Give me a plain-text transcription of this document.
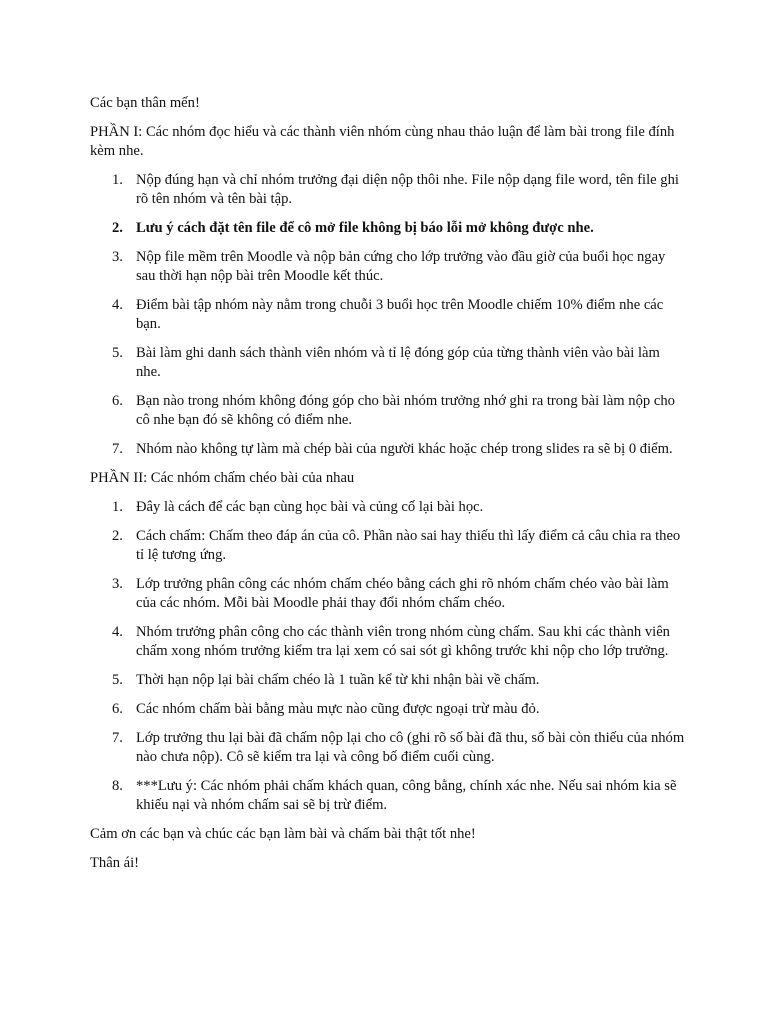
Các bạn thân mến!

PHẦN I: Các nhóm đọc hiểu và các thành viên nhóm cùng nhau thảo luận để làm bài trong file đính kèm nhe.

1. Nộp đúng hạn và chỉ nhóm trưởng đại diện nộp thôi nhe. File nộp dạng file word, tên file ghi rõ tên nhóm và tên bài tập.
2. Lưu ý cách đặt tên file để cô mở file không bị báo lỗi mở không được nhe.
3. Nộp file mềm trên Moodle và nộp bản cứng cho lớp trưởng vào đầu giờ của buổi học ngay sau thời hạn nộp bài trên Moodle kết thúc.
4. Điểm bài tập nhóm này nằm trong chuỗi 3 buổi học trên Moodle chiếm 10% điểm nhe các bạn.
5. Bài làm ghi danh sách thành viên nhóm và tỉ lệ đóng góp của từng thành viên vào bài làm nhe.
6. Bạn nào trong nhóm không đóng góp cho bài nhóm trưởng nhớ ghi ra trong bài làm nộp cho cô nhe bạn đó sẽ không có điểm nhe.
7. Nhóm nào không tự làm mà chép bài của người khác hoặc chép trong slides ra sẽ bị 0 điểm.

PHẦN II: Các nhóm chấm chéo bài của nhau

1. Đây là cách để các bạn cùng học bài và củng cố lại bài học.
2. Cách chấm: Chấm theo đáp án của cô. Phần nào sai hay thiếu thì lấy điểm cả câu chia ra theo tỉ lệ tương ứng.
3. Lớp trưởng phân công các nhóm chấm chéo bằng cách ghi rõ nhóm chấm chéo vào bài làm của các nhóm. Mỗi bài Moodle phải thay đổi nhóm chấm chéo.
4. Nhóm trưởng phân công cho các thành viên trong nhóm cùng chấm. Sau khi các thành viên chấm xong nhóm trưởng kiểm tra lại xem có sai sót gì không trước khi nộp cho lớp trưởng.
5. Thời hạn nộp lại bài chấm chéo là 1 tuần kể từ khi nhận bài về chấm.
6. Các nhóm chấm bài bằng màu mực nào cũng được ngoại trừ màu đỏ.
7. Lớp trưởng thu lại bài đã chấm nộp lại cho cô (ghi rõ số bài đã thu, số bài còn thiếu của nhóm nào chưa nộp). Cô sẽ kiểm tra lại và công bố điểm cuối cùng.
8. ***Lưu ý: Các nhóm phải chấm khách quan, công bằng, chính xác nhe. Nếu sai nhóm kia sẽ khiếu nại và nhóm chấm sai sẽ bị trừ điểm.

Cảm ơn các bạn và chúc các bạn làm bài và chấm bài thật tốt nhe!

Thân ái!
